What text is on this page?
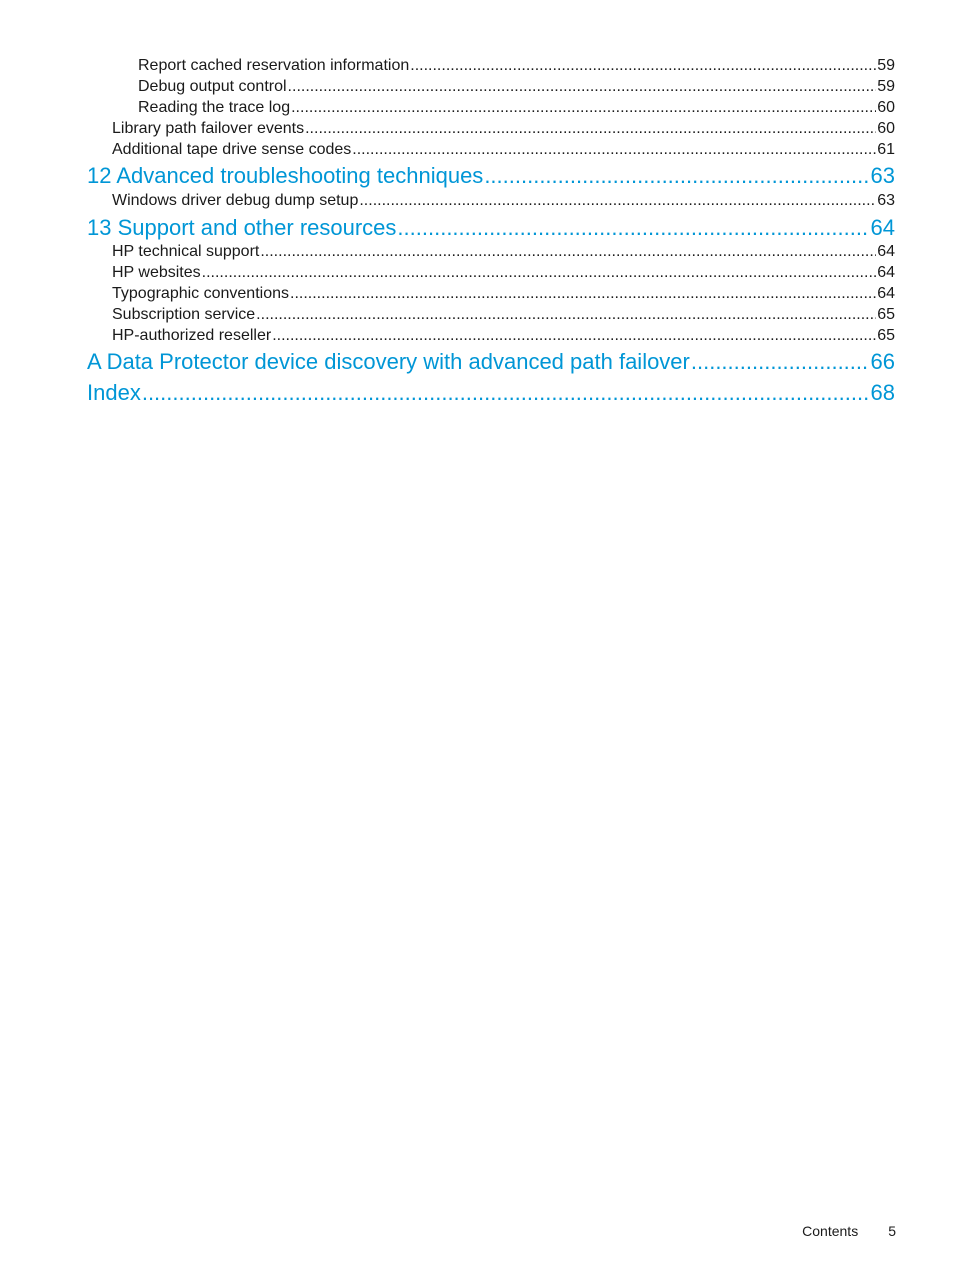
Report cached reservation information .....	59
Debug output control .....	59
Reading the trace log .....	60
Library path failover events .....	60
Additional tape drive sense codes .....	61
12 Advanced troubleshooting techniques .....	63
Windows driver debug dump setup .....	63
13 Support and other resources .....	64
HP technical support .....	64
HP websites .....	64
Typographic conventions .....	64
Subscription service .....	65
HP-authorized reseller .....	65
A Data Protector device discovery with advanced path failover .....	66
Index .....	68
Contents 5
